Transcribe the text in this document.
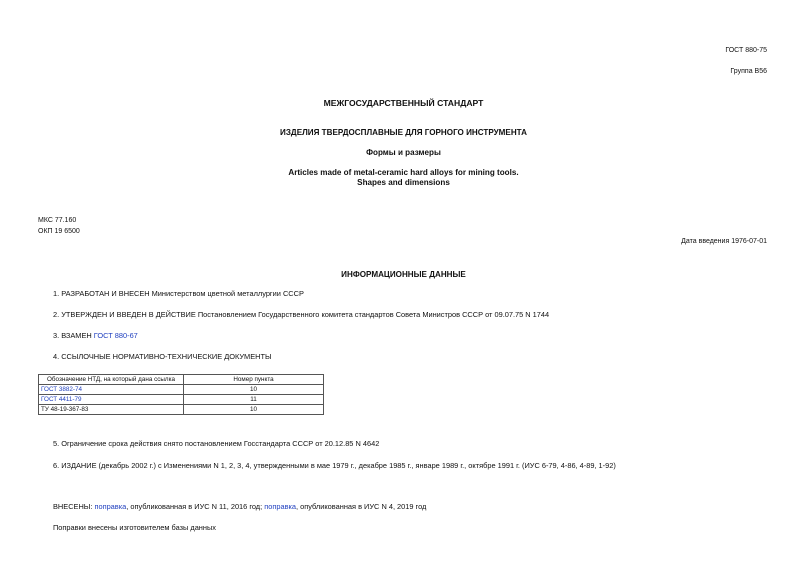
ГОСТ 880-75
Группа В56
МЕЖГОСУДАРСТВЕННЫЙ СТАНДАРТ
ИЗДЕЛИЯ ТВЕРДОСПЛАВНЫЕ ДЛЯ ГОРНОГО ИНСТРУМЕНТА
Формы и размеры
Articles made of metal-ceramic hard alloys for mining tools.
Shapes and dimensions
МКС 77.160
ОКП 19 6500
Дата введения 1976-07-01
ИНФОРМАЦИОННЫЕ ДАННЫЕ
1. РАЗРАБОТАН И ВНЕСЕН Министерством цветной металлургии СССР
2. УТВЕРЖДЕН И ВВЕДЕН В ДЕЙСТВИЕ Постановлением Государственного комитета стандартов Совета Министров СССР от 09.07.75 N 1744
3. ВЗАМЕН ГОСТ 880-67
4. ССЫЛОЧНЫЕ НОРМАТИВНО-ТЕХНИЧЕСКИЕ ДОКУМЕНТЫ
Обозначение НТД, на который дана ссылка	Номер пункта
ГОСТ 3882-74	10
ГОСТ 4411-79	11
ТУ 48-19-367-83	10
5. Ограничение срока действия снято постановлением Госстандарта СССР от 20.12.85 N 4642
6. ИЗДАНИЕ (декабрь 2002 г.) с Изменениями N 1, 2, 3, 4, утвержденными в мае 1979 г., декабре 1985 г., январе 1989 г., октябре 1991 г. (ИУС 6-79, 4-86, 4-89, 1-92)
ВНЕСЕНЫ: поправка, опубликованная в ИУС N 11, 2016 год; поправка, опубликованная в ИУС N 4, 2019 год
Поправки внесены изготовителем базы данных
